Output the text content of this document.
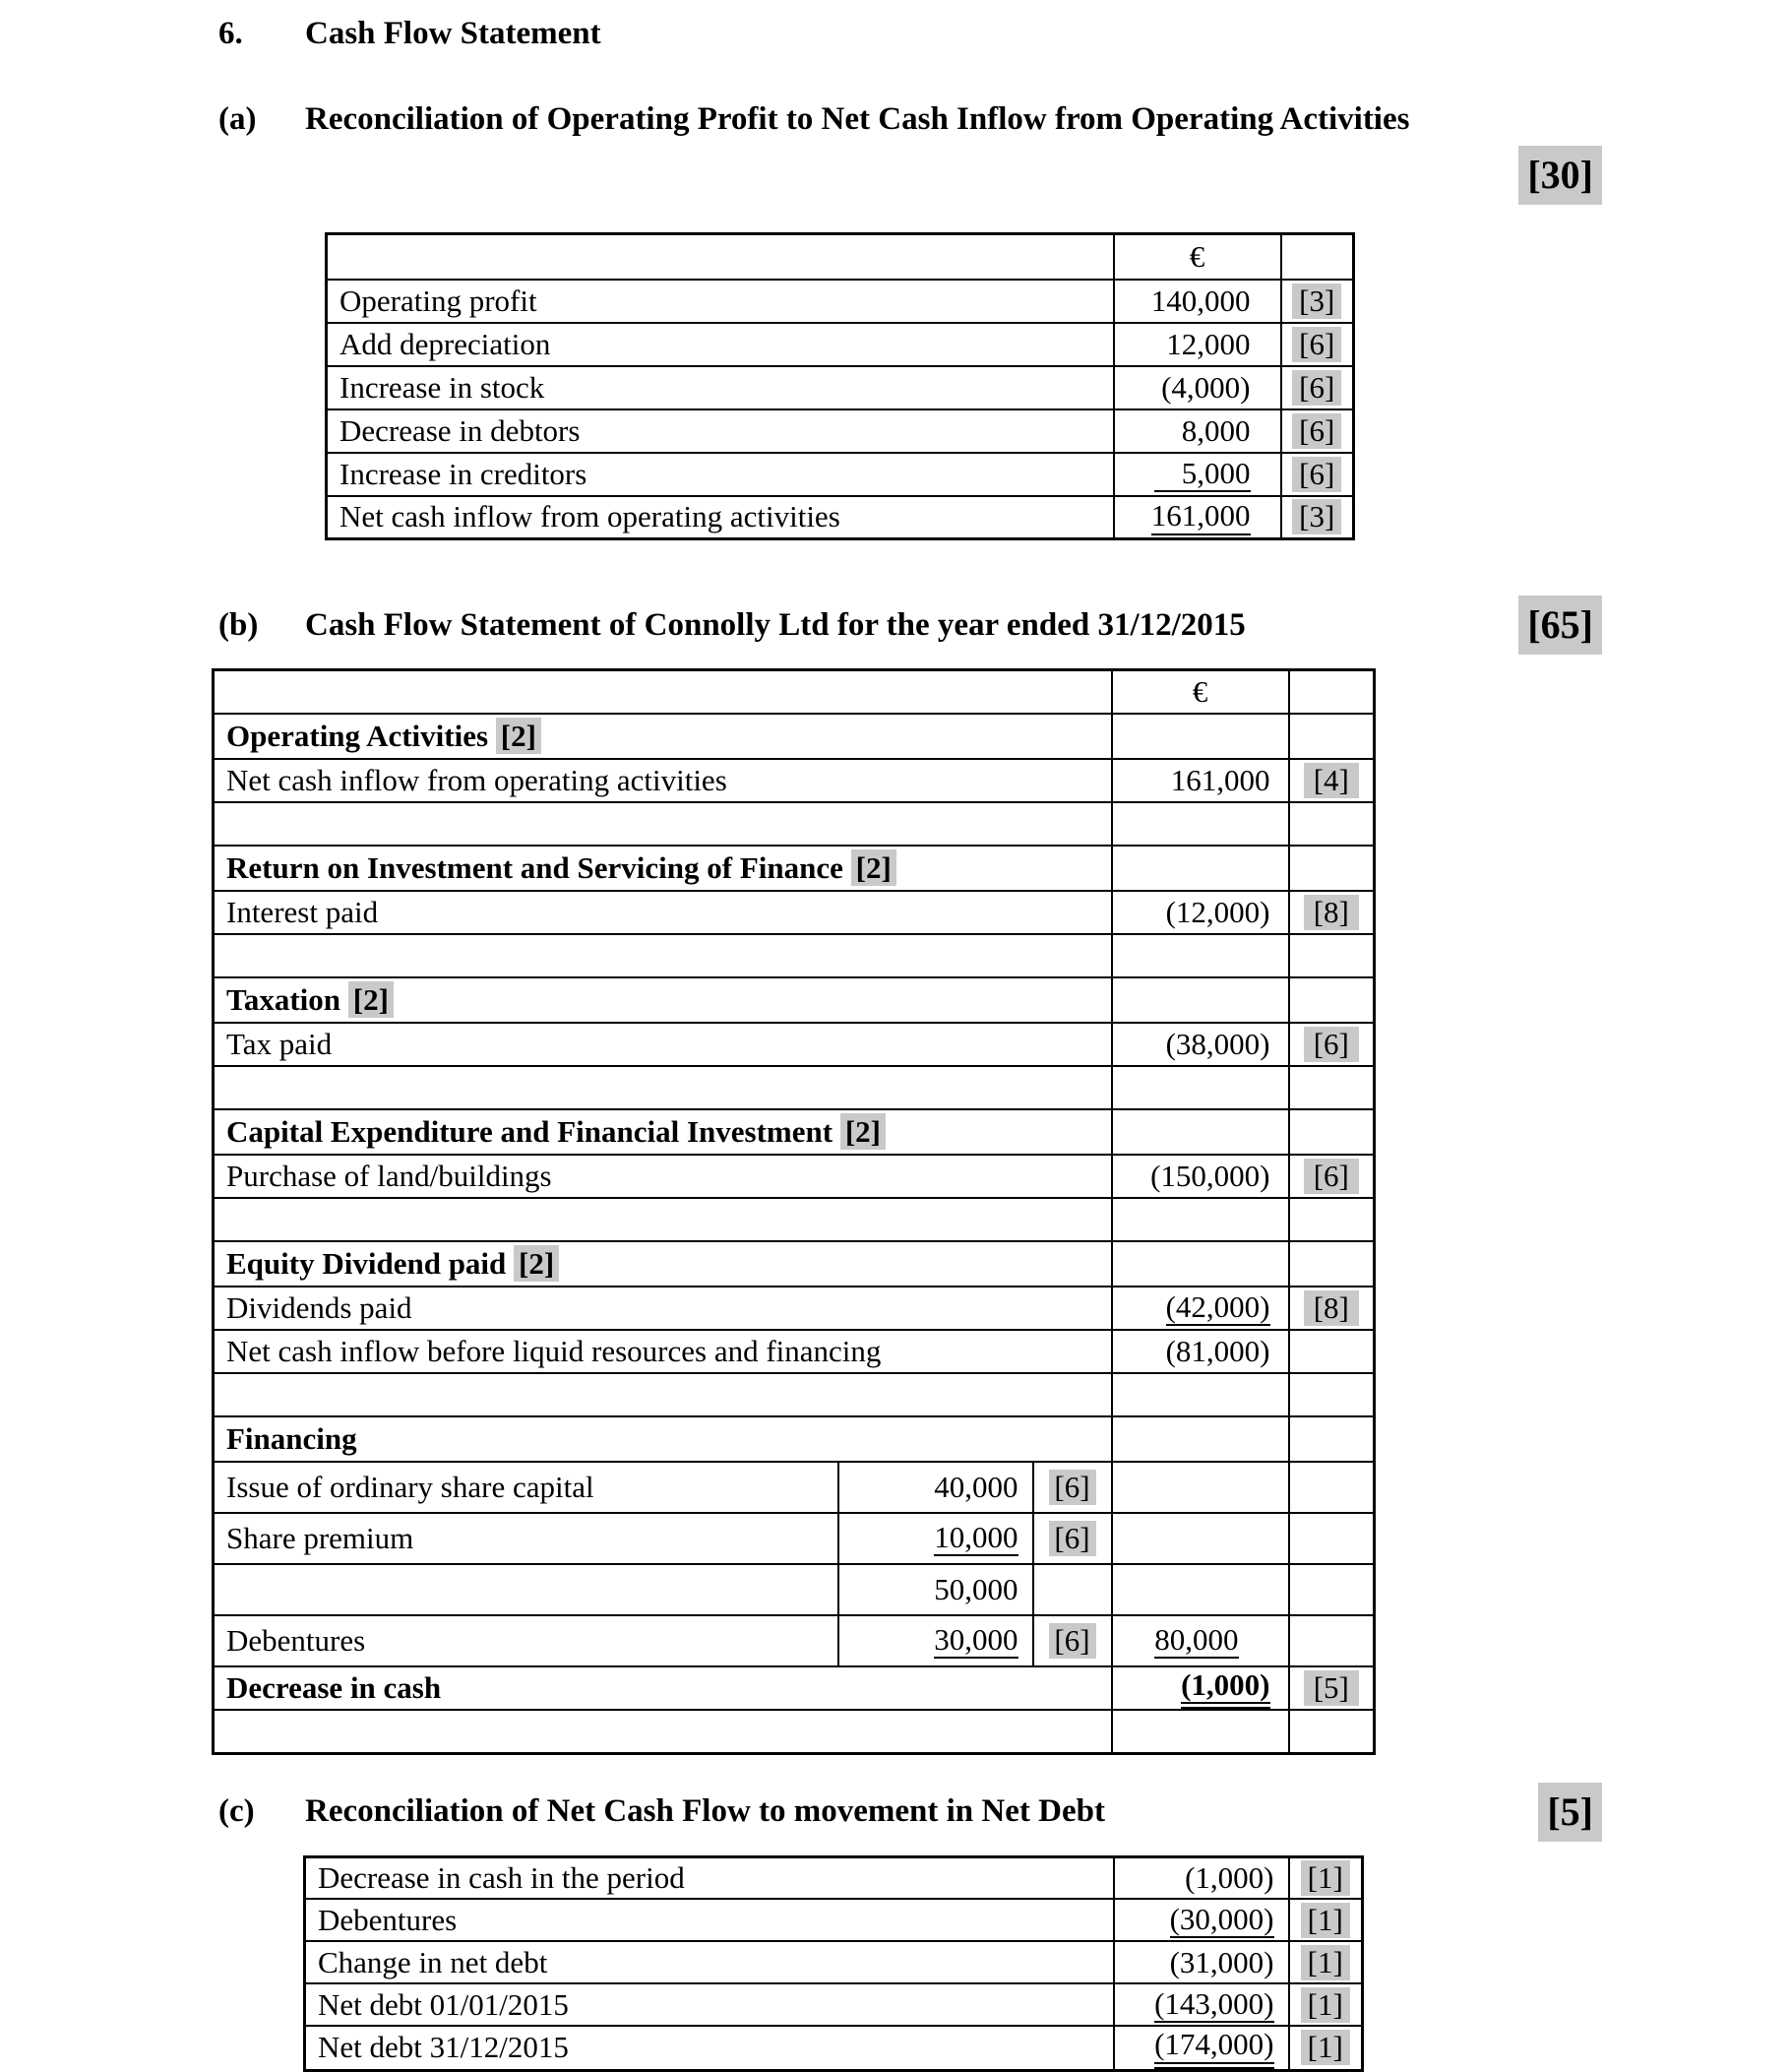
6.	Cash Flow Statement
(a)	Reconciliation of Operating Profit to Net Cash Inflow from Operating Activities
[30]
	€	
Operating profit	140,000	[3]

Add depreciation	12,000	[6]

Increase in stock	(4,000)	[6]

Decrease in debtors	8,000	[6]

Increase in creditors	5,000	[6]

Net cash inflow from operating activities	161,000	[3]
(b)	Cash Flow Statement of Connolly Ltd for the year ended 31/12/2015	[65]
			€	
Operating Activities [2]				
Net cash inflow from operating activities			161,000	[4]

Return on Investment and Servicing of Finance [2]				
Interest paid			(12,000)	[8]

Taxation [2]				
Tax paid			(38,000)	[6]

Capital Expenditure and Financial Investment [2]				
Purchase of land/buildings			(150,000)	[6]

Equity Dividend paid [2]				
Dividends paid			(42,000)	[8]

Net cash inflow before liquid resources and financing			(81,000)	

Financing				
Issue of ordinary share capital	40,000	[6]		

Share premium	10,000	[6]		

	50,000			
Debentures	30,000	[6]	80,000	
Decrease in cash			(1,000)	[5]

(c)	Reconciliation of Net Cash Flow to movement in Net Debt	[5]
Decrease in cash in the period	(1,000)	[1]

Debentures	(30,000)	[1]

Change in net debt	(31,000)	[1]

Net debt 01/01/2015	(143,000)	[1]

Net debt 31/12/2015	(174,000)	[1]
